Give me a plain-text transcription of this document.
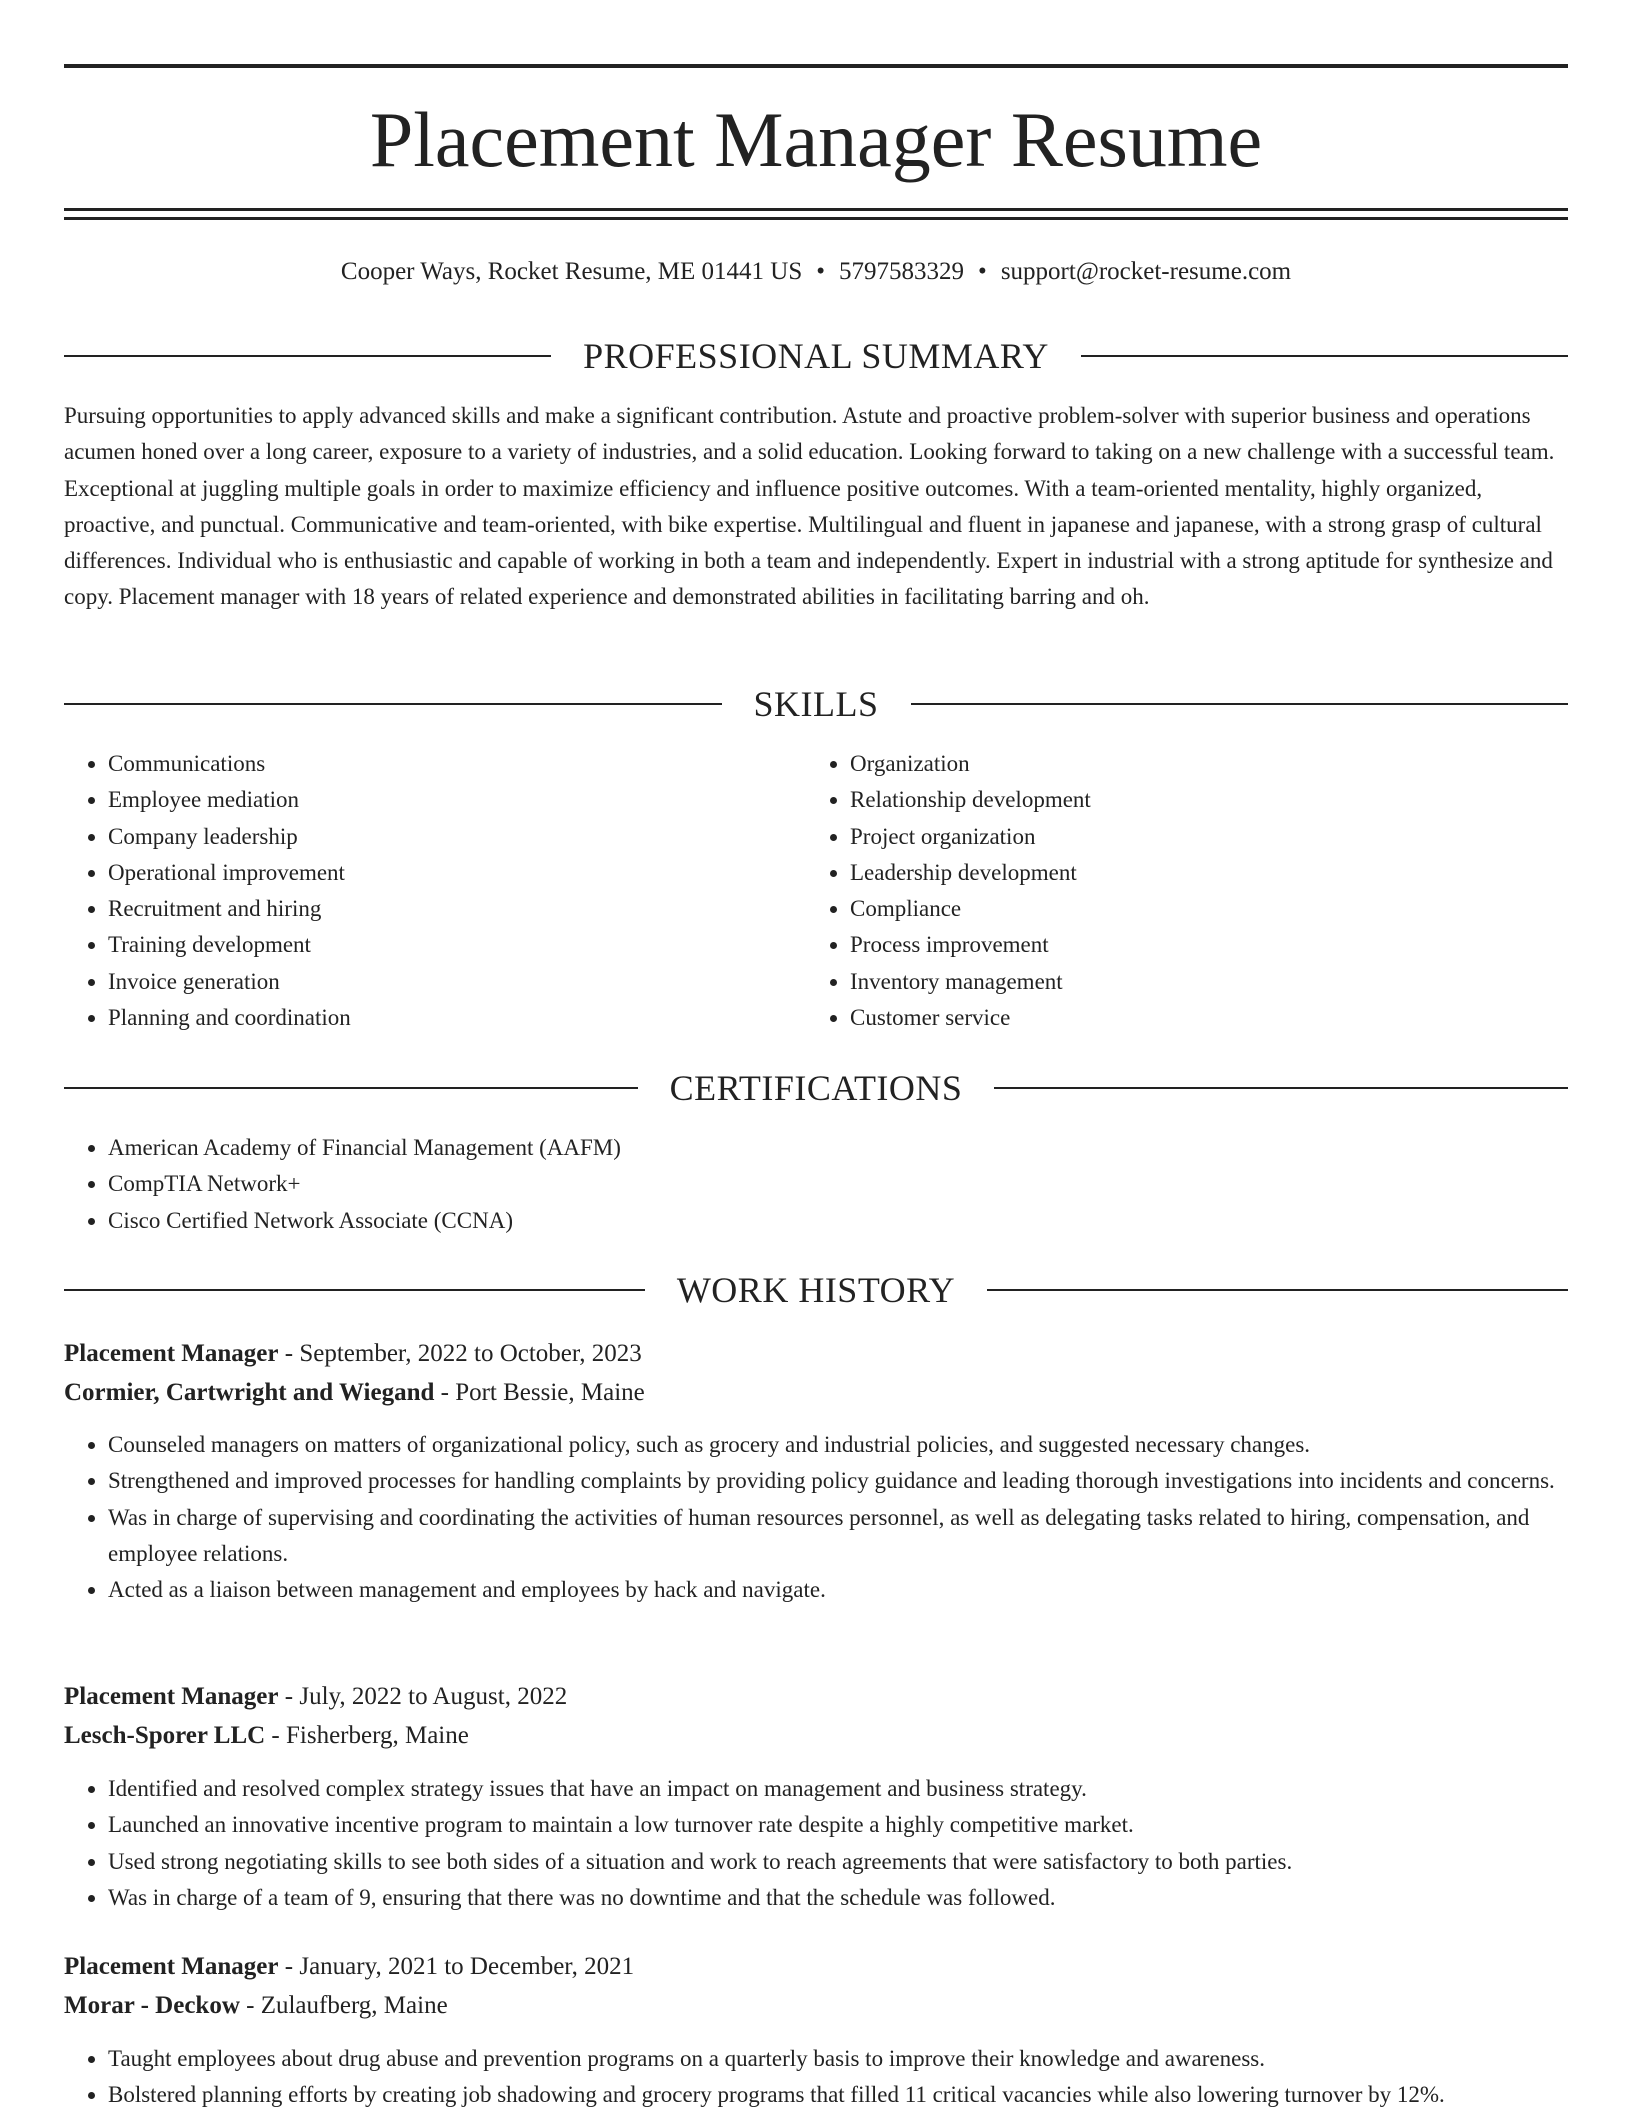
Placement Manager Resume
Cooper Ways, Rocket Resume, ME 01441 US • 5797583329 • support@rocket-resume.com
PROFESSIONAL SUMMARY

Pursuing opportunities to apply advanced skills and make a significant contribution. Astute and proactive problem-solver with superior business and operations acumen honed over a long career, exposure to a variety of industries, and a solid education. Looking forward to taking on a new challenge with a successful team. Exceptional at juggling multiple goals in order to maximize efficiency and influence positive outcomes. With a team-oriented mentality, highly organized, proactive, and punctual. Communicative and team-oriented, with bike expertise. Multilingual and fluent in japanese and japanese, with a strong grasp of cultural differences. Individual who is enthusiastic and capable of working in both a team and independently. Expert in industrial with a strong aptitude for synthesize and copy. Placement manager with 18 years of related experience and demonstrated abilities in facilitating barring and oh.

SKILLS
• Communications
• Employee mediation
• Company leadership
• Operational improvement
• Recruitment and hiring
• Training development
• Invoice generation
• Planning and coordination
• Organization
• Relationship development
• Project organization
• Leadership development
• Compliance
• Process improvement
• Inventory management
• Customer service
CERTIFICATIONS
• American Academy of Financial Management (AAFM)
• CompTIA Network+
• Cisco Certified Network Associate (CCNA)
WORK HISTORY
Placement Manager - September, 2022 to October, 2023
Cormier, Cartwright and Wiegand - Port Bessie, Maine
• Counseled managers on matters of organizational policy, such as grocery and industrial policies, and suggested necessary changes.
• Strengthened and improved processes for handling complaints by providing policy guidance and leading thorough investigations into incidents and concerns.
• Was in charge of supervising and coordinating the activities of human resources personnel, as well as delegating tasks related to hiring, compensation, and employee relations.
• Acted as a liaison between management and employees by hack and navigate.
Placement Manager - July, 2022 to August, 2022
Lesch-Sporer LLC - Fisherberg, Maine
• Identified and resolved complex strategy issues that have an impact on management and business strategy.
• Launched an innovative incentive program to maintain a low turnover rate despite a highly competitive market.
• Used strong negotiating skills to see both sides of a situation and work to reach agreements that were satisfactory to both parties.
• Was in charge of a team of 9, ensuring that there was no downtime and that the schedule was followed.
Placement Manager - January, 2021 to December, 2021
Morar - Deckow - Zulaufberg, Maine
• Taught employees about drug abuse and prevention programs on a quarterly basis to improve their knowledge and awareness.
• Bolstered planning efforts by creating job shadowing and grocery programs that filled 11 critical vacancies while also lowering turnover by 12%.
